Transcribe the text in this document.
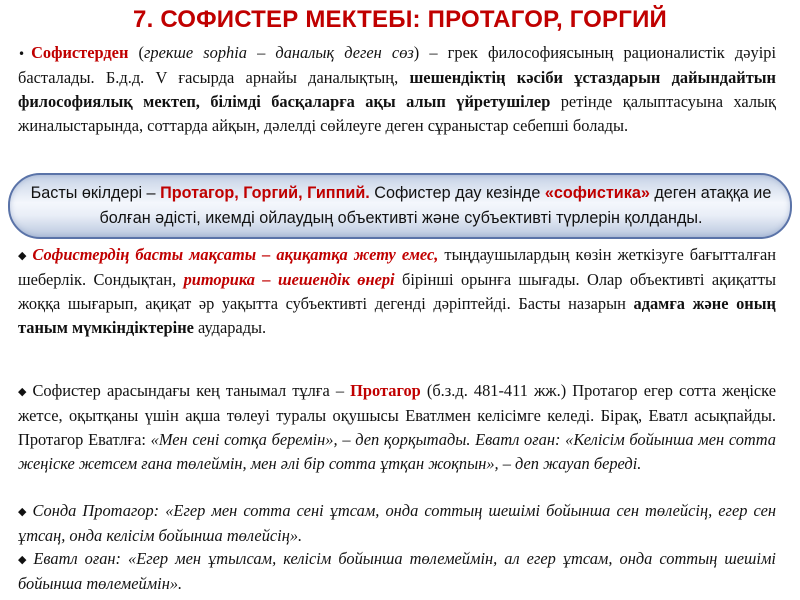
7. СОФИСТЕР МЕКТЕБІ: ПРОТАГОР, ГОРГИЙ
• Софистерден (грекше sophia – даналық деген сөз) – грек философиясының рационалистік дәуірі басталады. Б.д.д. V ғасырда арнайы даналықтың, шешендіктің кәсіби ұстаздарын дайындайтын философиялық мектеп, білімді басқаларға ақы алып үйретушілер ретінде қалыптасуына халық жиналыстарында, соттарда айқын, дәлелді сөйлеуге деген сұраныстар себепші болады.
Басты өкілдері – Протагор, Горгий, Гиппий. Софистер дау кезінде «софистика» деген атаққа ие болған әдісті, икемді ойлаудың объективті және субъективті түрлерін қолданды.
◆ Софистердің басты мақсаты – ақиқатқа жету емес, тыңдаушылардың көзін жеткізуге бағытталған шеберлік. Сондықтан, риторика – шешендік өнері бірінші орынға шығады. Олар объективті ақиқатты жоққа шығарып, ақиқат әр уақытта субъективті дегенді дәріптейді. Басты назарын адамға және оның таным мүмкіндіктеріне аударады.
◆ Софистер арасындағы кең танымал тұлға – Протагор (б.з.д. 481-411 жж.) Протагор егер сотта жеңіске жетсе, оқытқаны үшін ақша төлеуі туралы оқушысы Еватлмен келісімге келеді. Бірақ, Еватл асықпайды. Протагор Еватлға: «Мен сені сотқа беремін», – деп қорқытады. Еватл оған: «Келісім бойынша мен сотта жеңіске жетсем ғана төлеймін, мен әлі бір сотта ұтқан жоқпын», – деп жауап береді.
◆ Сонда Протагор: «Егер мен сотта сені ұтсам, онда соттың шешімі бойынша сен төлейсің, егер сен ұтсаң, онда келісім бойынша төлейсің».
◆ Еватл оған: «Егер мен ұтылсам, келісім бойынша төлемеймін, ал егер ұтсам, онда соттың шешімі бойынша төлемеймін».
